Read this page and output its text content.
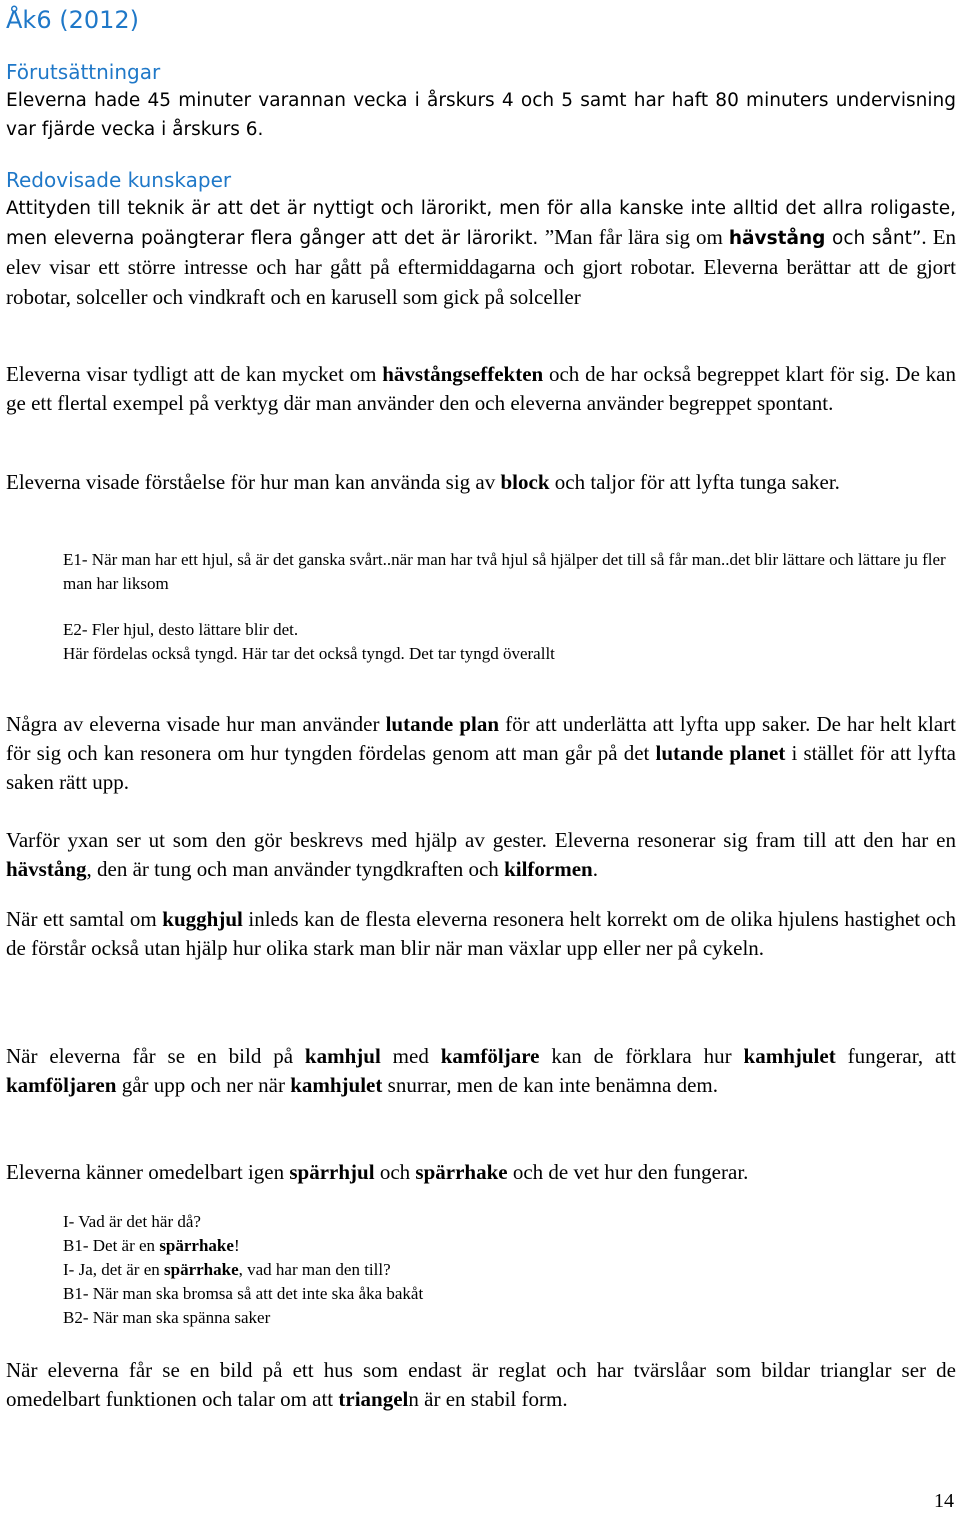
Åk6 (2012)
Förutsättningar
Eleverna hade 45 minuter varannan vecka i årskurs 4 och 5 samt har haft 80 minuters undervisning var fjärde vecka i årskurs 6.
Redovisade kunskaper
Attityden till teknik är att det är nyttigt och lärorikt, men för alla kanske inte alltid det allra roligaste, men eleverna poängterar flera gånger att det är lärorikt. ”Man får lära sig om hävstång och sånt”. En elev visar ett större intresse och har gått på eftermiddagarna och gjort robotar. Eleverna berättar att de gjort robotar, solceller och vindkraft och en karusell som gick på solceller
Eleverna visar tydligt att de kan mycket om hävstångseffekten och de har också begreppet klart för sig. De kan ge ett flertal exempel på verktyg där man använder den och eleverna använder begreppet spontant.
Eleverna visade förståelse för hur man kan använda sig av block och taljor för att lyfta tunga saker.
E1- När man har ett hjul, så är det ganska svårt..när man har två hjul så hjälper det till så får man..det blir lättare och lättare ju fler man har liksom
E2- Fler hjul, desto lättare blir det.
Här fördelas också tyngd. Här tar det också tyngd. Det tar tyngd överallt
Några av eleverna visade hur man använder lutande plan för att underlätta att lyfta upp saker. De har helt klart för sig och kan resonera om hur tyngden fördelas genom att man går på det lutande planet i stället för att lyfta saken rätt upp.
Varför yxan ser ut som den gör beskrevs med hjälp av gester. Eleverna resonerar sig fram till att den har en hävstång, den är tung och man använder tyngdkraften och kilformen.
När ett samtal om kugghjul inleds kan de flesta eleverna resonera helt korrekt om de olika hjulens hastighet och de förstår också utan hjälp hur olika stark man blir när man växlar upp eller ner på cykeln.
När eleverna får se en bild på kamhjul med kamföljare kan de förklara hur kamhjulet fungerar, att kamföljaren går upp och ner när kamhjulet snurrar, men de kan inte benämna dem.
Eleverna känner omedelbart igen spärrhjul och spärrhake och de vet hur den fungerar.
I- Vad är det här då?
B1- Det är en spärrhake!
I- Ja, det är en spärrhake, vad har man den till?
B1- När man ska bromsa så att det inte ska åka bakåt
B2- När man ska spänna saker
När eleverna får se en bild på ett hus som endast är reglat och har tvärslåar som bildar trianglar ser de omedelbart funktionen och talar om att triangeln är en stabil form.
14
